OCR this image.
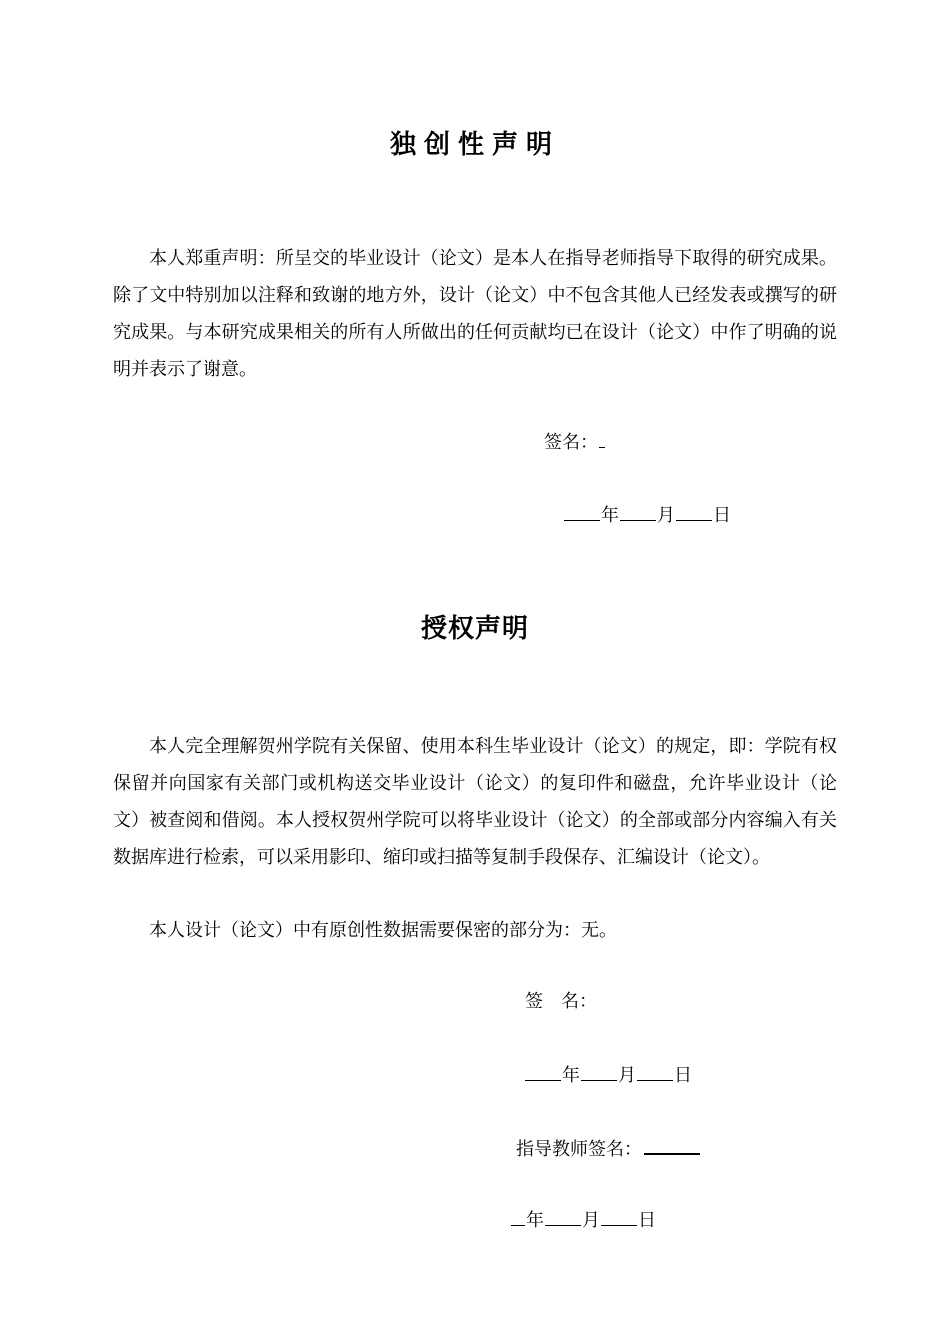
独创性声明

本人郑重声明：所呈交的毕业设计（论文）是本人在指导老师指导下取得的研究成果。除了文中特别加以注释和致谢的地方外，设计（论文）中不包含其他人已经发表或撰写的研究成果。与本研究成果相关的所有人所做出的任何贡献均已在设计（论文）中作了明确的说明并表示了谢意。

签名：
年 月 日
授权声明

本人完全理解贺州学院有关保留、使用本科生毕业设计（论文）的规定，即：学院有权保留并向国家有关部门或机构送交毕业设计（论文）的复印件和磁盘，允许毕业设计（论文）被查阅和借阅。本人授权贺州学院可以将毕业设计（论文）的全部或部分内容编入有关数据库进行检索，可以采用影印、缩印或扫描等复制手段保存、汇编设计（论文）。

本人设计（论文）中有原创性数据需要保密的部分为：无。

签　名：
年 月 日
指导教师签名：
年 月 日
